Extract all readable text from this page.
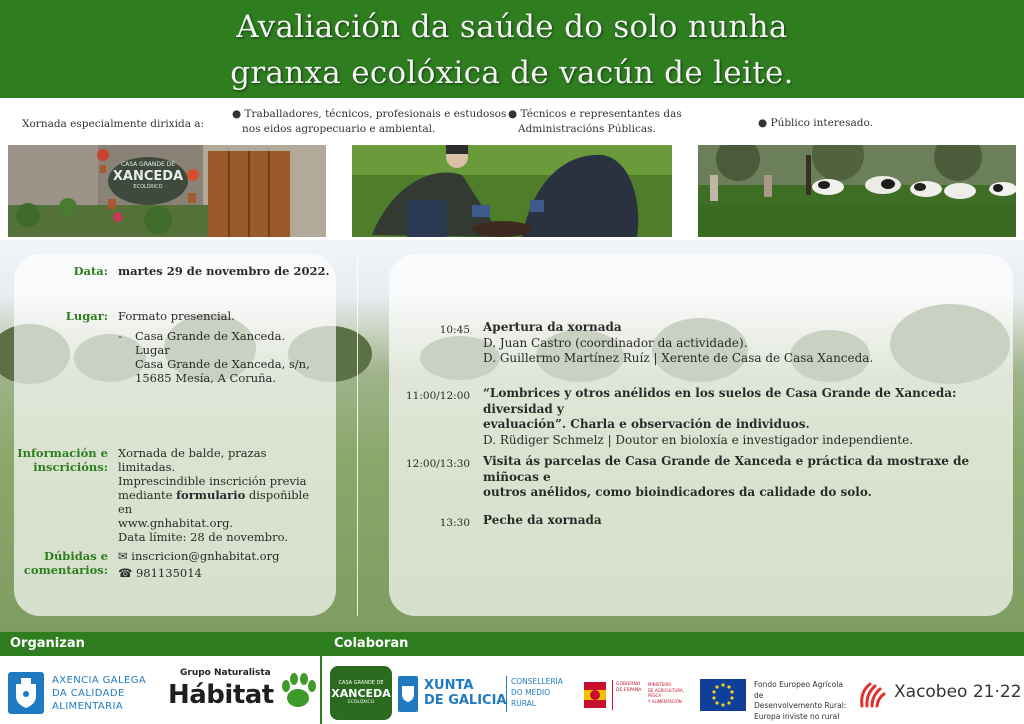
Avaliación da saúde do solo nunha
granxa ecolóxica de vacún de leite.
Xornada especialmente dirixida a:
● Traballadores, técnicos, profesionais e estudosos
nos eidos agropecuario e ambiental.
● Técnicos e representantes das
Administracións Públicas.	● Público interesado.
CASA GRANDE DE
XANCEDA
ECOLÓXICO
Data: martes 29 de novembro de 2022.
Lugar: Formato presencial.
-	Casa Grande de Xanceda. Lugar
Casa Grande de Xanceda, s/n,
15685 Mesía, A Coruña.
Información e
inscricións:
Xornada de balde, prazas limitadas.
Imprescindible inscrición previa
mediante formulario dispoñible en
www.gnhabitat.org.
Data límite: 28 de novembro.
Dúbidas e
comentarios:
✉ inscricion@gnhabitat.org
☎ 981135014
10:45 Apertura da xornada
D. Juan Castro (coordinador da actividade).
D. Guillermo Martínez Ruíz | Xerente de Casa de Casa Xanceda.
11:00/12:00 “Lombrices y otros anélidos en los suelos de Casa Grande de Xanceda: diversidad y
evaluación”. Charla e observación de individuos.
D. Rüdiger Schmelz | Doutor en bioloxía e investigador independiente.
12:00/13:30 Visita ás parcelas de Casa Grande de Xanceda e práctica da mostraxe de miñocas e
outros anélidos, como bioindicadores da calidade do solo.
13:30 Peche da xornada
Organizan	Colaboran
AXENCIA GALEGA
DA CALIDADE
ALIMENTARIA
Grupo Naturalista
Hábitat	CASA GRANDE DE
XANCEDA
ECOLÓXICO
XUNTA
DE GALICIA
CONSELLERÍA
DO MEDIO
RURAL
GOBIERNO
DE ESPAÑA
MINISTERIO
DE AGRICULTURA, PESCA
Y ALIMENTACIÓN
Fondo Europeo Agrícola de
Desenvolvemento Rural:
Europa inviste no rural
Xacobeo 21·22
